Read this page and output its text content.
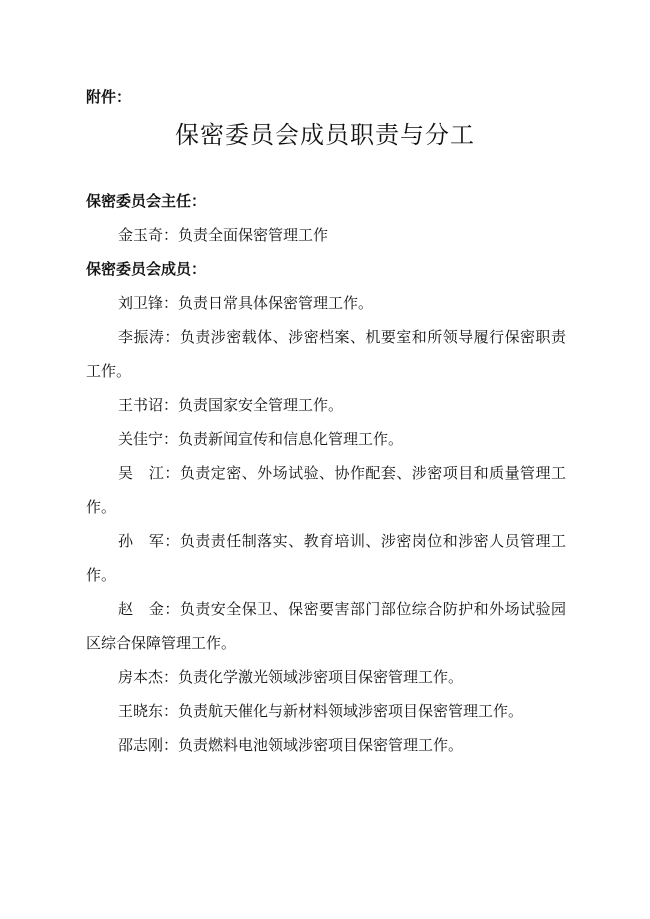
附件：
保密委员会成员职责与分工
保密委员会主任：
金玉奇：负责全面保密管理工作
保密委员会成员：
刘卫锋：负责日常具体保密管理工作。
李振涛：负责涉密载体、涉密档案、机要室和所领导履行保密职责工作。
王书诏：负责国家安全管理工作。
关佳宁：负责新闻宣传和信息化管理工作。
吴　江：负责定密、外场试验、协作配套、涉密项目和质量管理工作。
孙　军：负责责任制落实、教育培训、涉密岗位和涉密人员管理工作。
赵　金：负责安全保卫、保密要害部门部位综合防护和外场试验园区综合保障管理工作。
房本杰：负责化学激光领域涉密项目保密管理工作。
王晓东：负责航天催化与新材料领域涉密项目保密管理工作。
邵志刚：负责燃料电池领域涉密项目保密管理工作。
